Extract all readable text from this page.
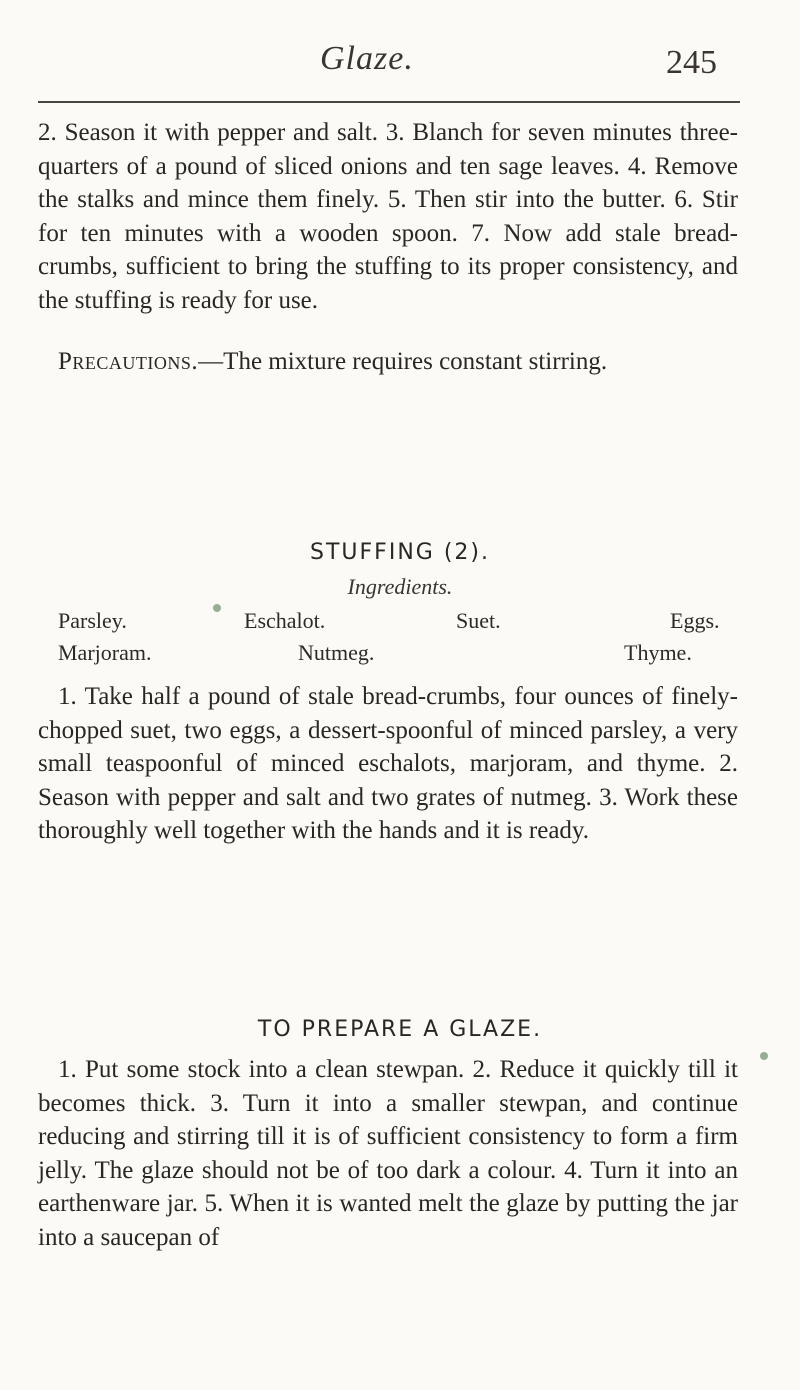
Glaze.	245

2. Season it with pepper and salt. 3. Blanch for seven minutes three-quarters of a pound of sliced onions and ten sage leaves. 4. Remove the stalks and mince them finely. 5. Then stir into the butter. 6. Stir for ten minutes with a wooden spoon. 7. Now add stale bread-crumbs, sufficient to bring the stuffing to its proper consistency, and the stuffing is ready for use.

Precautions.—The mixture requires constant stirring.

STUFFING (2).
Ingredients.
Parsley.	Eschalot.	Suet.	Eggs.
Marjoram.	Nutmeg.	Thyme.

1. Take half a pound of stale bread-crumbs, four ounces of finely-chopped suet, two eggs, a dessert-spoonful of minced parsley, a very small teaspoonful of minced eschalots, marjoram, and thyme. 2. Season with pepper and salt and two grates of nutmeg. 3. Work these thoroughly well together with the hands and it is ready.

TO PREPARE A GLAZE.

1. Put some stock into a clean stewpan. 2. Reduce it quickly till it becomes thick. 3. Turn it into a smaller stewpan, and continue reducing and stirring till it is of sufficient consistency to form a firm jelly. The glaze should not be of too dark a colour. 4. Turn it into an earthenware jar. 5. When it is wanted melt the glaze by putting the jar into a saucepan of
